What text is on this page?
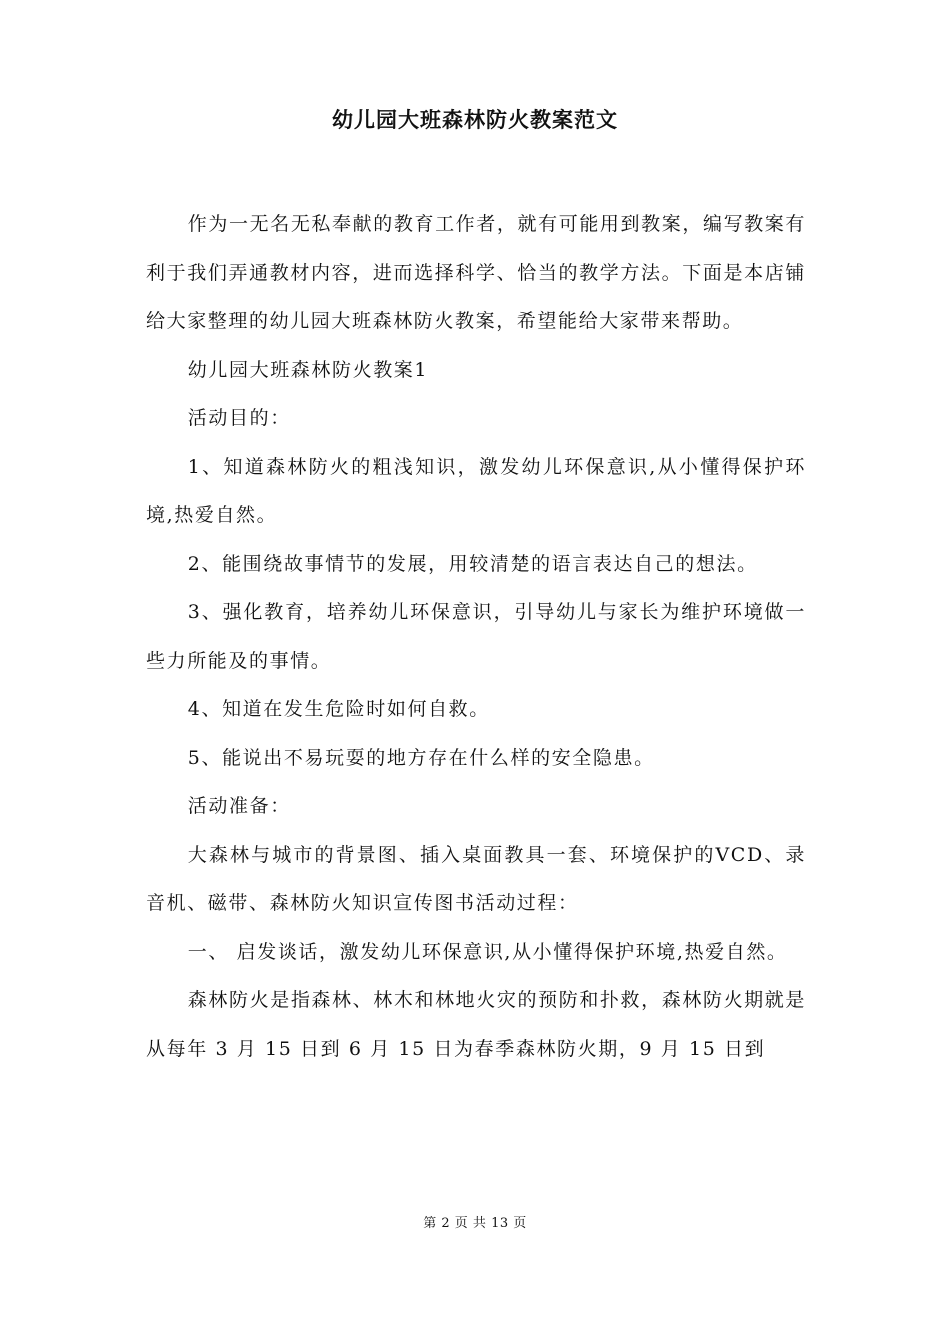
幼儿园大班森林防火教案范文

作为一无名无私奉献的教育工作者，就有可能用到教案，编写教案有利于我们弄通教材内容，进而选择科学、恰当的教学方法。下面是本店铺给大家整理的幼儿园大班森林防火教案，希望能给大家带来帮助。

幼儿园大班森林防火教案1

活动目的：

1、知道森林防火的粗浅知识，激发幼儿环保意识,从小懂得保护环境,热爱自然。

2、能围绕故事情节的发展，用较清楚的语言表达自己的想法。

3、强化教育，培养幼儿环保意识，引导幼儿与家长为维护环境做一些力所能及的事情。

4、知道在发生危险时如何自救。

5、能说出不易玩耍的地方存在什么样的安全隐患。

活动准备：

大森林与城市的背景图、插入桌面教具一套、环境保护的VCD、录音机、磁带、森林防火知识宣传图书活动过程：

一、 启发谈话，激发幼儿环保意识,从小懂得保护环境,热爱自然。

森林防火是指森林、林木和林地火灾的预防和扑救，森林防火期就是从每年 3 月 15 日到 6 月 15 日为春季森林防火期，9 月 15 日到

第 2 页 共 13 页
